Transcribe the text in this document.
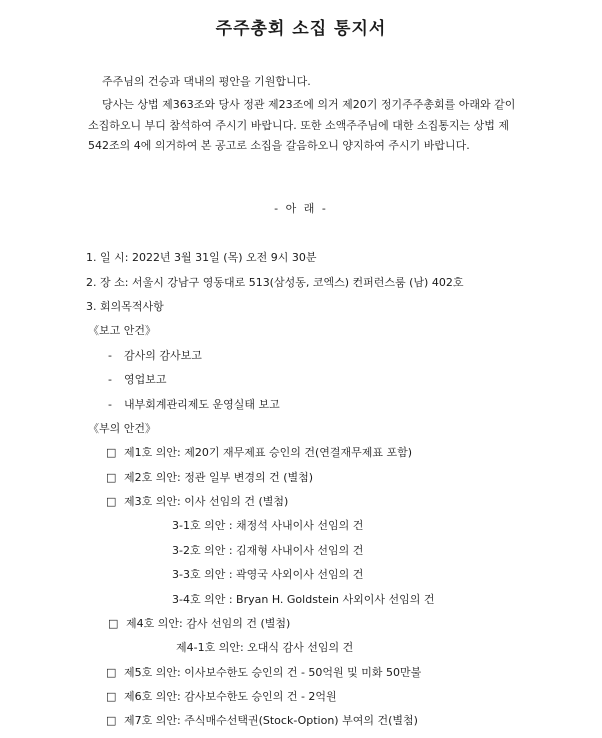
주주총회 소집 통지서
주주님의 건승과 댁내의 평안을 기원합니다.
당사는 상법 제363조와 당사 정관 제23조에 의거 제20기 정기주주총회를 아래와 같이 소집하오니 부디 참석하여 주시기 바랍니다. 또한 소액주주님에 대한 소집통지는 상법 제542조의 4에 의거하여 본 공고로 소집을 갈음하오니 양지하여 주시기 바랍니다.
- 아 래 -
1. 일 시: 2022년 3월 31일 (목) 오전 9시 30분
2. 장 소: 서울시 강남구 영동대로 513(삼성동, 코엑스) 컨퍼런스룸 (남) 402호
3. 회의목적사항
《보고 안건》
- 감사의 감사보고
- 영업보고
- 내부회계관리제도 운영실태 보고
《부의 안건》
□ 제1호 의안: 제20기 재무제표 승인의 건(연결재무제표 포함)
□ 제2호 의안: 정관 일부 변경의 건 (별첨)
□ 제3호 의안: 이사 선임의 건 (별첨)
3-1호 의안 : 채정석 사내이사 선임의 건
3-2호 의안 : 김재형 사내이사 선임의 건
3-3호 의안 : 곽영국 사외이사 선임의 건
3-4호 의안 : Bryan H. Goldstein 사외이사 선임의 건
□ 제4호 의안: 감사 선임의 건 (별첨)
제4-1호 의안: 오대식 감사 선임의 건
□ 제5호 의안: 이사보수한도 승인의 건 - 50억원 및 미화 50만불
□ 제6호 의안: 감사보수한도 승인의 건 - 2억원
□ 제7호 의안: 주식매수선택권(Stock-Option) 부여의 건(별첨)
